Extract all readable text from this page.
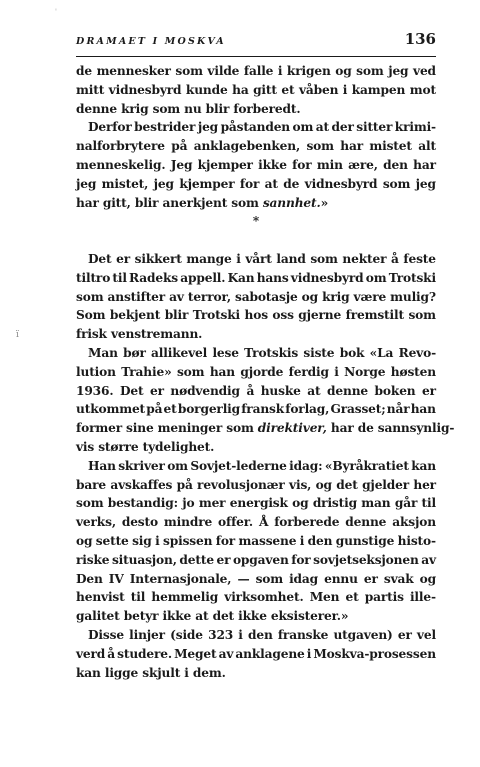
'
ï
DRAMAET I MOSKVA	136
de mennesker som vilde falle i krigen og som jeg ved
mitt vidnesbyrd kunde ha gitt et våben i kampen mot
denne krig som nu blir forberedt.
Derfor bestrider jeg påstanden om at der sitter krimi-
nalforbrytere på anklagebenken, som har mistet alt
menneskelig. Jeg kjemper ikke for min ære, den har
jeg mistet, jeg kjemper for at de vidnesbyrd som jeg
har gitt, blir anerkjent som sannhet.»
*
Det er sikkert mange i vårt land som nekter å feste
tiltro til Radeks appell. Kan hans vidnesbyrd om Trotski
som anstifter av terror, sabotasje og krig være mulig?
Som bekjent blir Trotski hos oss gjerne fremstilt som
frisk venstremann.
Man bør allikevel lese Trotskis siste bok «La Revo-
lution Trahie» som han gjorde ferdig i Norge høsten
1936. Det er nødvendig å huske at denne boken er
utkommet på et borgerlig fransk forlag, Grasset; når han
former sine meninger som direktiver, har de sannsynlig-
vis større tydelighet.
Han skriver om Sovjet-lederne idag: «Byråkratiet kan
bare avskaffes på revolusjonær vis, og det gjelder her
som bestandig: jo mer energisk og dristig man går til
verks, desto mindre offer. Å forberede denne aksjon
og sette sig i spissen for massene i den gunstige histo-
riske situasjon, dette er opgaven for sovjetseksjonen av
Den IV Internasjonale, — som idag ennu er svak og
henvist til hemmelig virksomhet. Men et partis ille-
galitet betyr ikke at det ikke eksisterer.»
Disse linjer (side 323 i den franske utgaven) er vel
verd å studere. Meget av anklagene i Moskva-prosessen
kan ligge skjult i dem.
